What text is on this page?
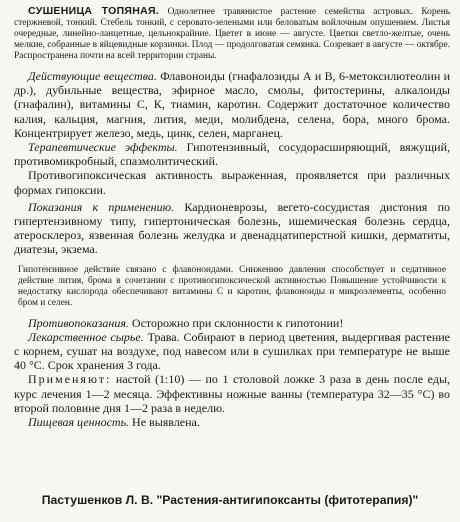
СУШЕНИЦА ТОПЯНАЯ. Однолетнее травянистое растение семейства астровых. Корень стержневой, тонкий. Стебель тонкий, с серовато-зелеными или беловатым войлочным опушением. Листья очередные, линейно-ланцетные, цельнокрайние. Цветет в июне — августе. Цветки светло-желтые, очень мелкие, собранные в яйцевидные корзинки. Плод — продолговатая семянка. Созревает в августе — октябре. Распространена почти на всей территории страны.

Действующие вещества. Флавоноиды (гнафалозиды А и В, 6-метоксилютеолин и др.), дубильные вещества, эфирное масло, смолы, фитостерины, алкалоиды (гнафалин), витамины С, К, тиамин, каротин. Содержит достаточное количество калия, кальция, магния, лития, меди, молибдена, селена, бора, много брома. Концентрирует железо, медь, цинк, селен, марганец.

Терапевтические эффекты. Гипотензивный, сосудорасширяющий, вяжущий, противомикробный, спазмолитический.

Противогипоксическая активность выраженная, проявляется при различных формах гипоксии.

Показания к применению. Кардионеврозы, вегето-сосудистая дистония по гипертензивному типу, гипертоническая болезнь, ишемическая болезнь сердца, атеросклероз, язвенная болезнь желудка и двенадцатиперстной кишки, дерматиты, диатезы, экзема.

Гипотензивное действие связано с флавоноидами. Снижению давления способствует и седативное действие лития, брома в сочетании с противогипоксической активностью Повышение устойчивости к недостатку кислорода обеспечивают витамины С и каротин, флавоноиды и микроэлементы, особенно бром и селен.

Противопоказания. Осторожно при склонности к гипотонии!

Лекарственное сырье. Трава. Собирают в период цветения, выдергивая растение с корнем, сушат на воздухе, под навесом или в сушилках при температуре не выше 40 °С. Срок хранения 3 года.

Применяют: настой (1:10) — по 1 столовой ложке 3 раза в день после еды, курс лечения 1—2 месяца. Эффективны ножные ванны (температура 32—35 °С) во второй половине дня 1—2 раза в неделю.

Пищевая ценность. Не выявлена.

Пастушенков Л. В. "Растения-антигипоксанты (фитотерапия)"
